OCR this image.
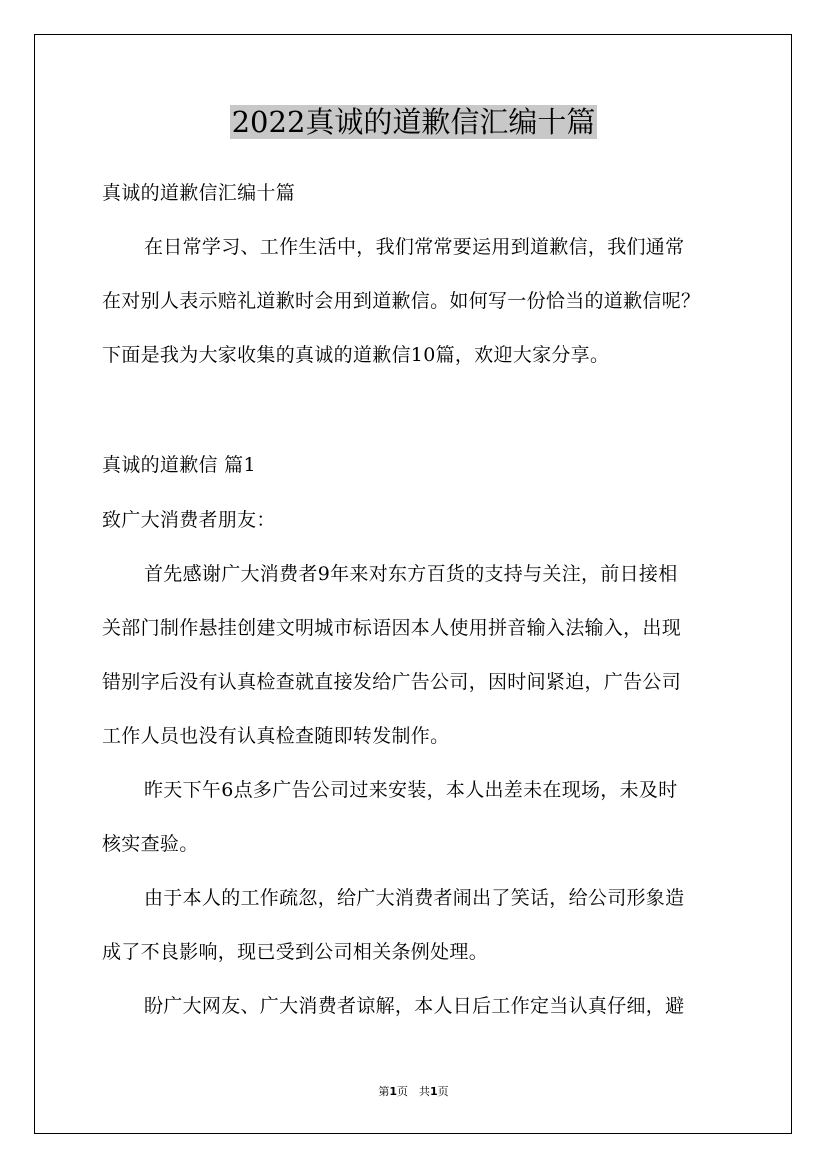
2022真诚的道歉信汇编十篇
真诚的道歉信汇编十篇
在日常学习、工作生活中，我们常常要运用到道歉信，我们通常
在对别人表示赔礼道歉时会用到道歉信。如何写一份恰当的道歉信呢？
下面是我为大家收集的真诚的道歉信10篇，欢迎大家分享。
真诚的道歉信 篇1
致广大消费者朋友：
首先感谢广大消费者9年来对东方百货的支持与关注，前日接相
关部门制作悬挂创建文明城市标语因本人使用拼音输入法输入，出现
错别字后没有认真检查就直接发给广告公司，因时间紧迫，广告公司
工作人员也没有认真检查随即转发制作。
昨天下午6点多广告公司过来安装，本人出差未在现场，未及时
核实查验。
由于本人的工作疏忽，给广大消费者闹出了笑话，给公司形象造
成了不良影响，现已受到公司相关条例处理。
盼广大网友、广大消费者谅解，本人日后工作定当认真仔细，避
第1页　共1页
